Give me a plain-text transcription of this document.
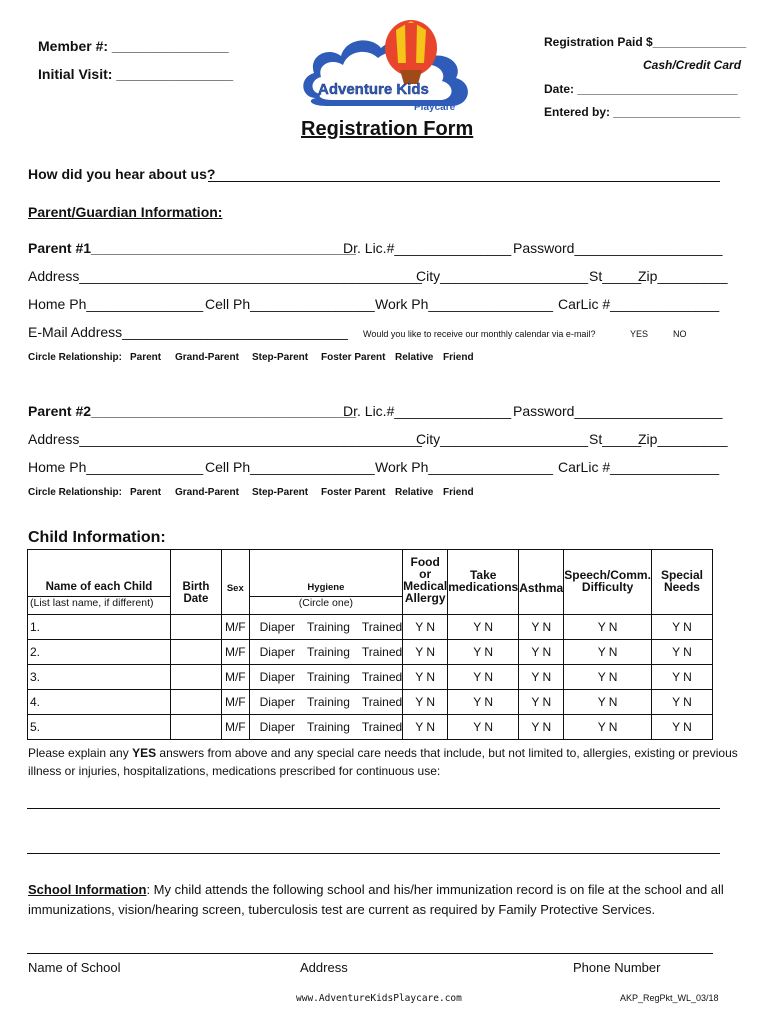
Member #: _______________
Initial Visit: _______________
Adventure Kids
Playcare
Registration Form
Registration Paid $______________
Cash/Credit Card
Date: ________________________
Entered by: ___________________
How did you hear about us?
Parent/Guardian Information:
Parent #1__________________________________
Dr. Lic.#_______________ Password___________________
Address____________________________________________
City___________________ St_____
Zip_________
Home Ph_______________ Cell Ph________________ Work Ph________________ CarLic #______________
E-Mail Address_____________________________ Would you like to receive our monthly calendar via e-mail?	YES	NO
Circle Relationship: Parent Grand-Parent Step-Parent Foster Parent Relative Friend
Parent #2__________________________________
Dr. Lic.#_______________ Password___________________
Address____________________________________________
City___________________ St_____
Zip_________
Home Ph_______________ Cell Ph________________ Work Ph________________ CarLic #______________
Circle Relationship: Parent Grand-Parent Step-Parent Foster Parent Relative Friend
Child Information:
Name of each Child	Birth Date	Sex	Hygiene	Food or Medical Allergy	Take medications	Asthma	Speech/Comm. Difficulty	Special Needs
(List last name, if different)			(Circle one)					
1.		M/F	Diaper Training Trained	Y N	Y N	Y N	Y N	Y N
2.		M/F	Diaper Training Trained	Y N	Y N	Y N	Y N	Y N
3.		M/F	Diaper Training Trained	Y N	Y N	Y N	Y N	Y N
4.		M/F	Diaper Training Trained	Y N	Y N	Y N	Y N	Y N
5.		M/F	Diaper Training Trained	Y N	Y N	Y N	Y N	Y N
Please explain any YES answers from above and any special care needs that include, but not limited to, allergies, existing or previous
illness or injuries, hospitalizations, medications prescribed for continuous use:
School Information: My child attends the following school and his/her immunization record is on file at the school and all
immunizations, vision/hearing screen, tuberculosis test are current as required by Family Protective Services.
Name of School	Address	Phone Number
www.AdventureKidsPlaycare.com	AKP_RegPkt_WL_03/18
